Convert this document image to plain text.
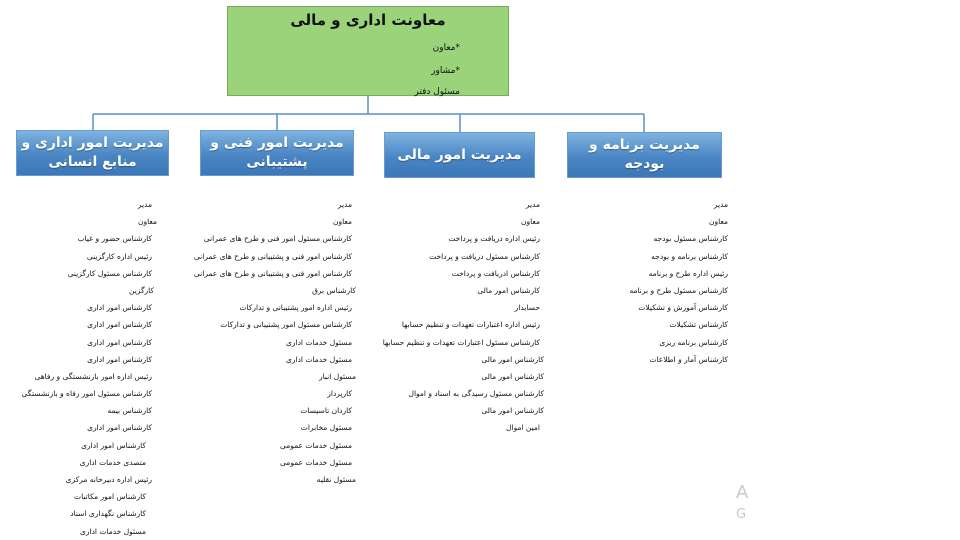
معاونت اداری و مالی
*معاون
*مشاور
مسئول دفتر
مدیریت امور اداری و منابع انسانی
مدیریت امور فنی و پشتیبانی	مدیریت امور مالی
مدیریت برنامه و بودجه
مدیر
معاون
کارشناس حضور و غیاب
رئیس اداره کارگزینی
کارشناس مسئول کارگزینی
کارگزین
کارشناس امور اداری
کارشناس امور اداری
کارشناس امور اداری
کارشناس امور اداری
رئیس اداره امور بازنشستگی و رفاهی
کارشناس مسئول امور رفاه و بازنشستگی
کارشناس بیمه
کارشناس امور اداری
کارشناس امور اداری
متصدی خدمات اداری
رئیس اداره دبیرخانه مرکزی
کارشناس امور مکاتبات
کارشناس نگهداری اسناد
مسئول خدمات اداری
مدیر
معاون
کارشناس مسئول امور فنی و طرح های عمرانی
کارشناس امور فنی و پشتیبانی و طرح های عمرانی
کارشناس امور فنی و پشتیبانی و طرح های عمرانی
کارشناس برق
رئیس اداره امور پشتیبانی و تدارکات
کارشناس مسئول امور پشتیبانی و تدارکات
مسئول خدمات اداری
مسئول خدمات اداری
مسئول انبار
کارپرداز
کاردان تاسیسات
مسئول مخابرات
مسئول خدمات عمومی
مسئول خدمات عمومی
مسئول نقلیه
مدیر
معاون
رئیس اداره دریافت و پرداخت
کارشناس مسئول دریافت و پرداخت
کارشناس ادریافت و پرداخت
کارشناس امور مالی
حسابدار
رئیس اداره اعتبارات تعهدات و تنظیم حسابها
کارشناس مسئول اعتبارات تعهدات و تنظیم حسابها
کارشناس امور مالی
کارشناس امور مالی
کارشناس مسئول رسیدگی به اسناد و اموال
کارشناس امور مالی
امین اموال
مدیر
معاون
کارشناس مسئول بودجه
کارشناس برنامه و بودجه
رئیس اداره طرح و برنامه
کارشناس مسئول طرح و برنامه
کارشناس آموزش و تشکیلات
کارشناس تشکیلات
کارشناس برنامه ریزی
کارشناس آمار و اطلاعات
A
G
